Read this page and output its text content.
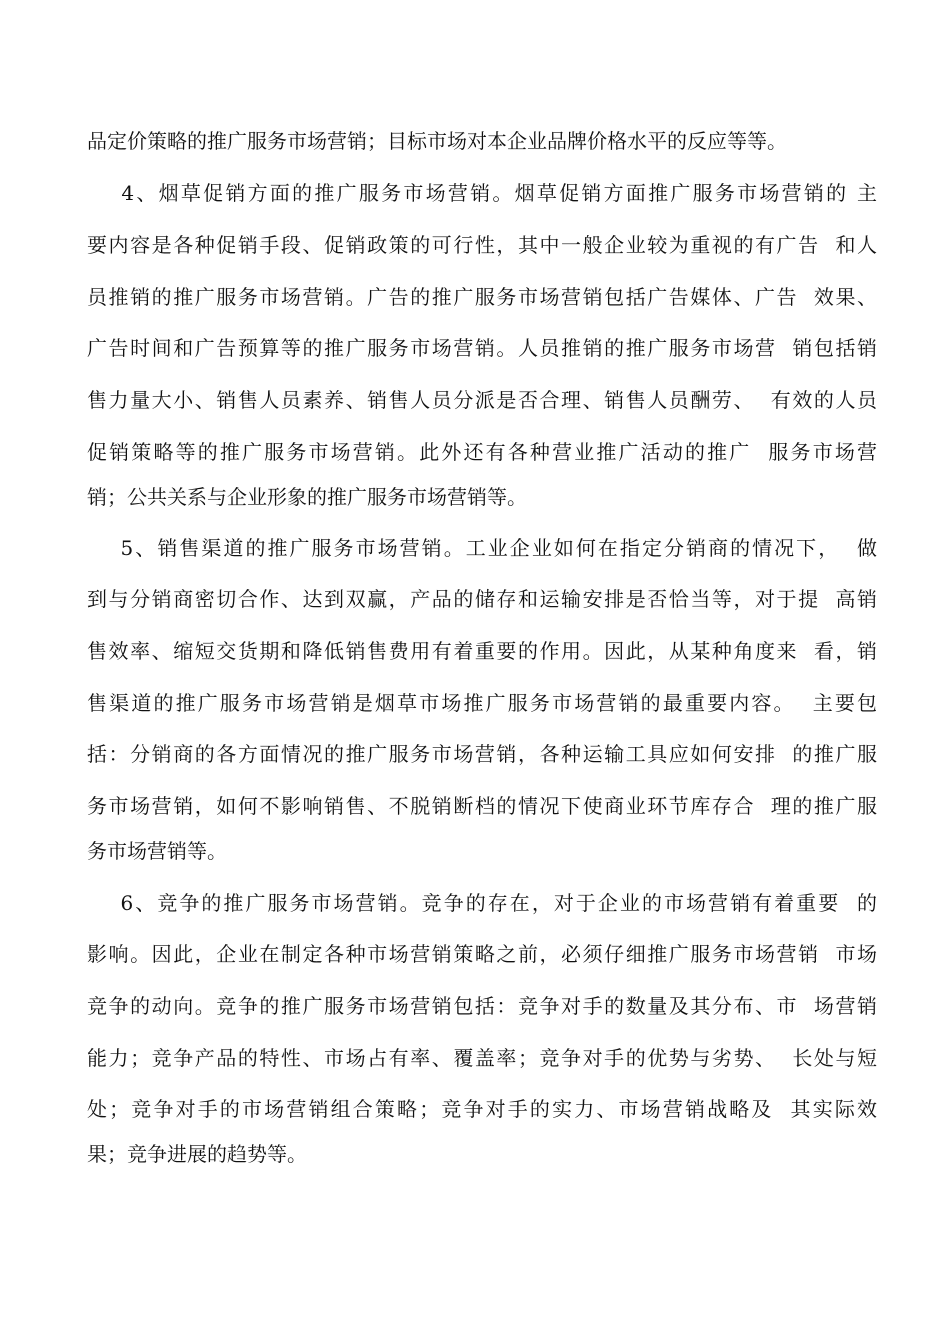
品定价策略的推广服务市场营销；目标市场对本企业品牌价格水平的反应等等。
4、烟草促销方面的推广服务市场营销。烟草促销方面推广服务市场营销的 主
要内容是各种促销手段、促销政策的可行性，其中一般企业较为重视的有广告  和人
员推销的推广服务市场营销。广告的推广服务市场营销包括广告媒体、广告  效果、
广告时间和广告预算等的推广服务市场营销。人员推销的推广服务市场营  销包括销
售力量大小、销售人员素养、销售人员分派是否合理、销售人员酬劳、  有效的人员
促销策略等的推广服务市场营销。此外还有各种营业推广活动的推广  服务市场营
销；公共关系与企业形象的推广服务市场营销等。
5、销售渠道的推广服务市场营销。工业企业如何在指定分销商的情况下，  做
到与分销商密切合作、达到双赢，产品的储存和运输安排是否恰当等，对于提  高销
售效率、缩短交货期和降低销售费用有着重要的作用。因此，从某种角度来  看，销
售渠道的推广服务市场营销是烟草市场推广服务市场营销的最重要内容。  主要包
括：分销商的各方面情况的推广服务市场营销，各种运输工具应如何安排  的推广服
务市场营销，如何不影响销售、不脱销断档的情况下使商业环节库存合  理的推广服
务市场营销等。
6、竞争的推广服务市场营销。竞争的存在，对于企业的市场营销有着重要  的
影响。因此，企业在制定各种市场营销策略之前，必须仔细推广服务市场营销  市场
竞争的动向。竞争的推广服务市场营销包括：竞争对手的数量及其分布、市  场营销
能力；竞争产品的特性、市场占有率、覆盖率；竞争对手的优势与劣势、  长处与短
处；竞争对手的市场营销组合策略；竞争对手的实力、市场营销战略及  其实际效
果；竞争进展的趋势等。
